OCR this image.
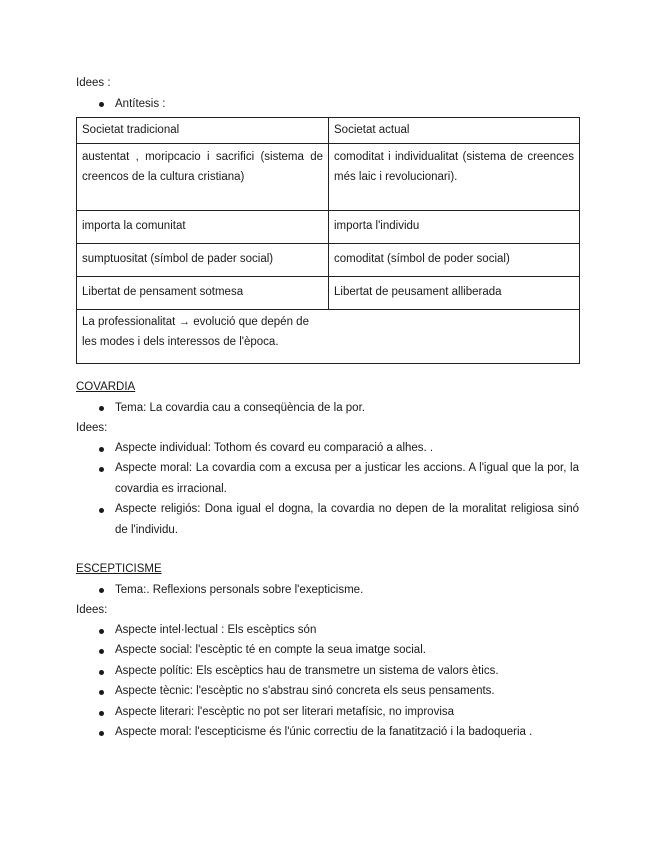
Idees :
Antítesis :
Societat tradicional	Societat actual
austentat , moripcacio i sacrifici (sistema de creencos de la cultura cristiana)	comoditat i individualitat (sistema de creences més laic i revolucionari).
importa la comunitat	importa l'individu
sumptuositat (símbol de pader social)	comoditat (símbol de poder social)
Libertat de pensament sotmesa	Libertat de peusament alliberada

La professionalitat → evolució que depén de les modes i dels interessos de l'època.	
COVARDIA
Tema: La covardia cau a conseqüència de la por.
Idees:
Aspecte individual: Tothom és covard eu comparació a alhes. .
Aspecte moral: La covardia com a excusa per a justicar les accions. A l'igual que la por, la covardia es irracional.
Aspecte religiós: Dona igual el dogna, la covardia no depen de la moralitat religiosa sinó de l'individu.
ESCEPTICISME
Tema:. Reflexions personals sobre l'exepticisme.
Idees:
Aspecte intel·lectual : Els escèptics són
Aspecte social: l'escèptic té en compte la seua imatge social.
Aspecte polític: Els escèptics hau de transmetre un sistema de valors ètics.
Aspecte tècnic: l'escèptic no s'abstrau sinó concreta els seus pensaments.
Aspecte literari: l'escèptic no pot ser literari metafísic, no improvisa
Aspecte moral: l'escepticisme és l'únic correctiu de la fanatització i la badoqueria .
